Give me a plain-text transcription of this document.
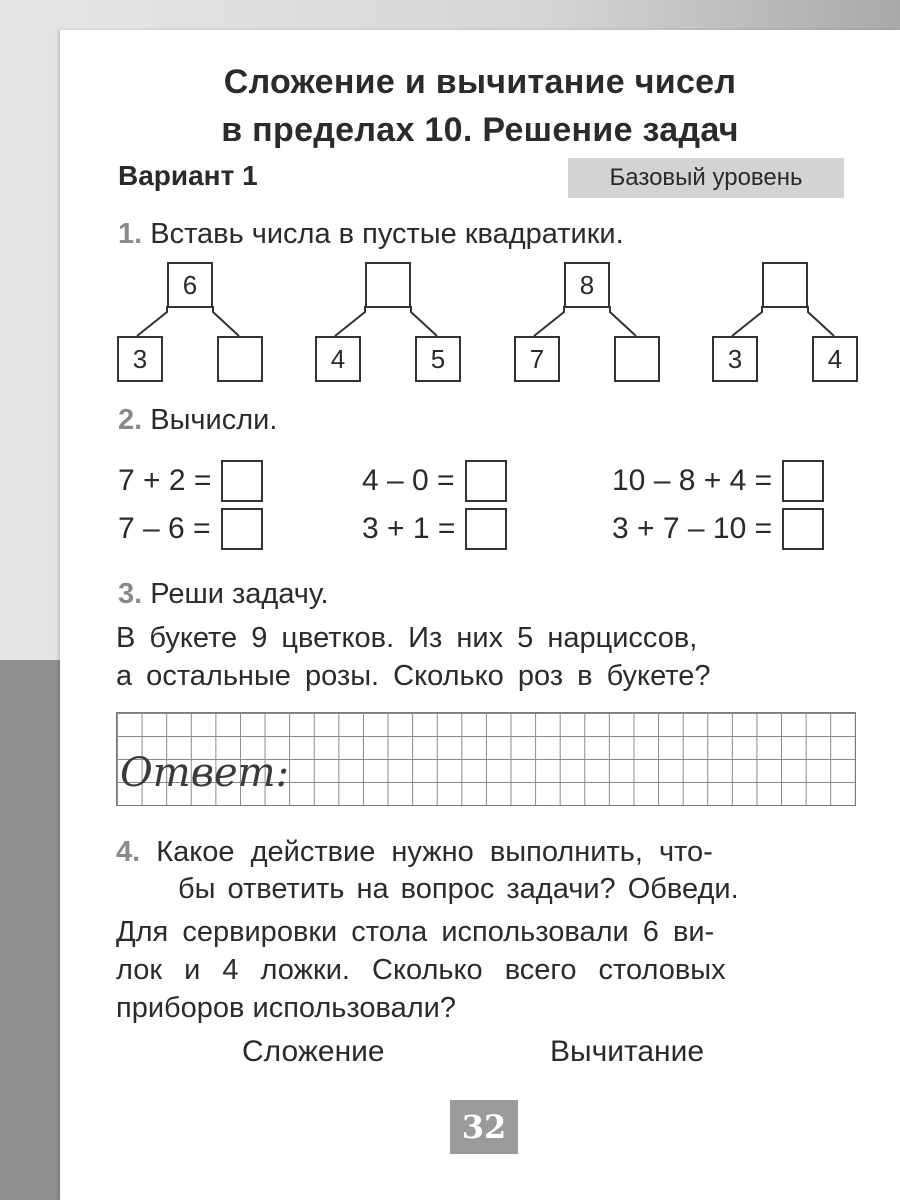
Сложение и вычитание чисел
в пределах 10. Решение задач
Вариант 1	Базовый уровень
1. Вставь числа в пустые квадратики.
6
3	4	5
8
7	3	4
2. Вычисли.
7 + 2 =	4 – 0 =	10 – 8 + 4 =
7 – 6 =	3 + 1 =	3 + 7 – 10 =
3. Реши задачу.
В букете 9 цветков. Из них 5 нарциссов,
а остальные розы. Сколько роз в букете?
Ответ:
4. Какое действие нужно выполнить, что-
бы ответить на вопрос задачи? Обведи.
Для сервировки стола использовали 6 ви-
лок и 4 ложки. Сколько всего столовых
приборов использовали?
Сложение	Вычитание
32
